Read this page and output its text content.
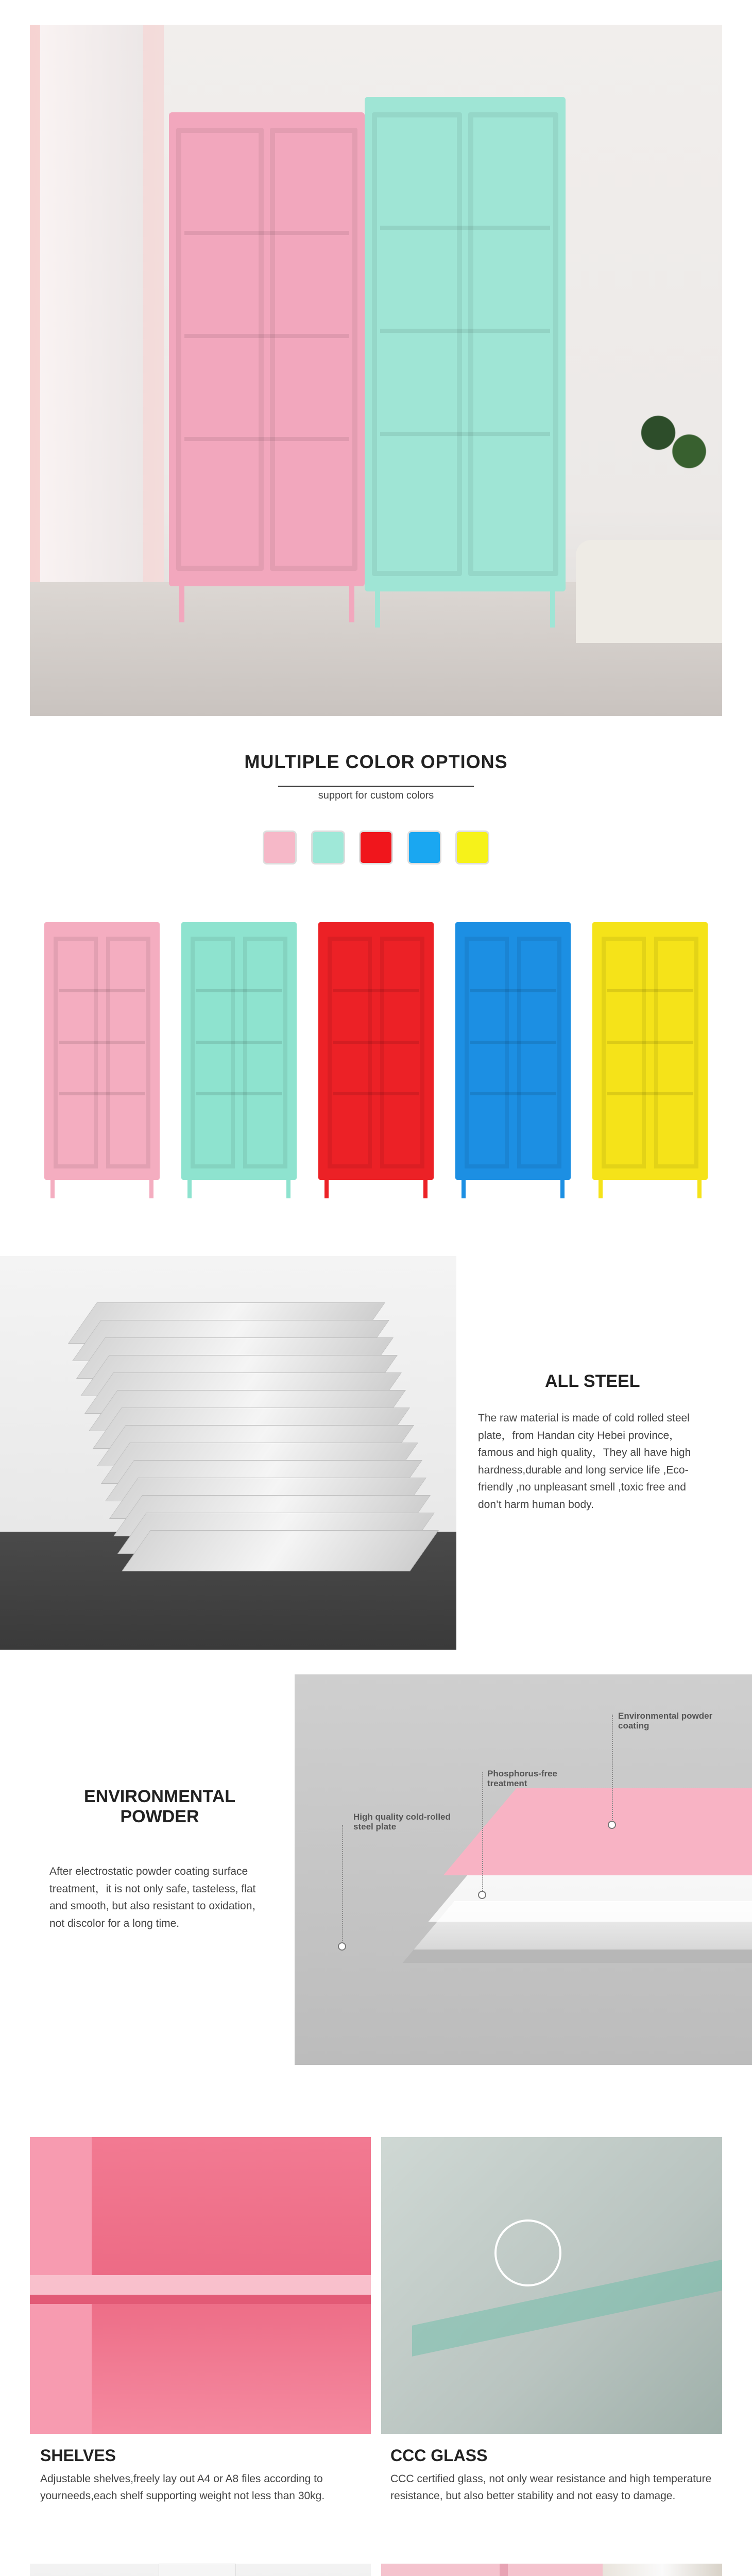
MULTIPLE COLOR OPTIONS
support for custom colors
ALL STEEL
The raw material is made of cold rolled steel plate，from Handan city Hebei province，famous and high quality，They all have high hardness,durable and long service life ,Eco-friendly ,no unpleasant smell ,toxic free and don’t harm human body.
ENVIRONMENTAL
POWDER
After electrostatic powder coating surface treatment，it is not only safe, tasteless, flat and smooth, but also resistant to oxidation，not discolor for a long time.
High quality cold-rolled steel plate
Phosphorus-free treatment
Environmental powder coating
SHELVES
Adjustable shelves,freely lay out A4 or A8 files according to yourneeds,each shelf supporting weight not less than 30kg.
CCC GLASS
CCC certified glass, not only wear resistance and high temperature resistance, but also better stability and not easy to damage.
